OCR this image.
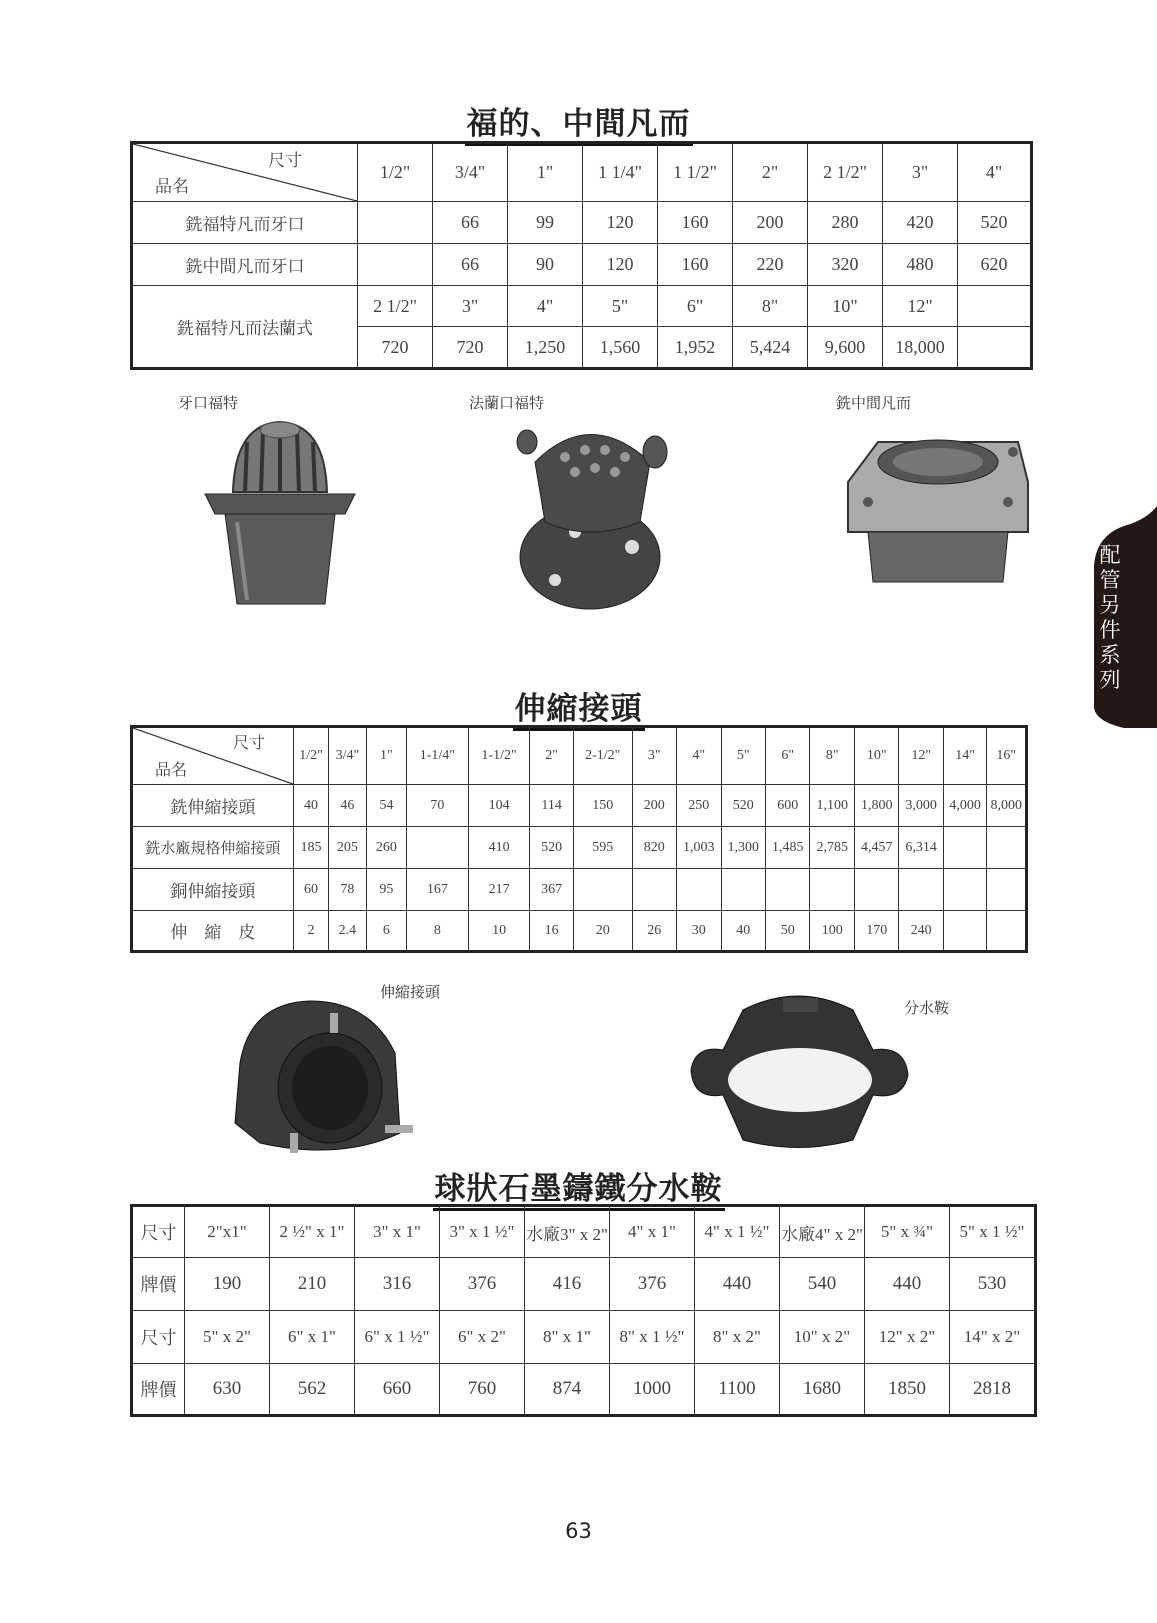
福的、中間凡而
尺寸
品名	1/2"	3/4"	1"	1 1/4"	1 1/2"	2"	2 1/2"	3"	4"
銑福特凡而牙口		66	99	120	160	200	280	420	520
銑中間凡而牙口		66	90	120	160	220	320	480	620
銑福特凡而法蘭式	2 1/2"	3"	4"	5"	6"	8"	10"	12"	
	720	720	1,250	1,560	1,952	5,424	9,600	18,000	
牙口福特	法蘭口福特	銑中間凡而
伸縮接頭
尺寸
品名	1/2"	3/4"	1"	1-1/4"	1-1/2"	2"	2-1/2"	3"	4"	5"	6"	8"	10"	12"	14"	16"
銑伸縮接頭	40	46	54	70	104	114	150	200	250	520	600	1,100	1,800	3,000	4,000	8,000
銑水廠規格伸縮接頭	185	205	260		410	520	595	820	1,003	1,300	1,485	2,785	4,457	6,314		
銅伸縮接頭	60	78	95	167	217	367										
伸　縮　皮	2	2.4	6	8	10	16	20	26	30	40	50	100	170	240		
伸縮接頭
分水鞍
球狀石墨鑄鐵分水鞍
尺寸	2"x1"	2 ½" x 1"	3" x 1"	3" x 1 ½"	水廠3" x 2"	4" x 1"	4" x 1 ½"	水廠4" x 2"	5" x ¾"	5" x 1 ½"
牌價	190	210	316	376	416	376	440	540	440	530
尺寸	5" x 2"	6" x 1"	6" x 1 ½"	6" x 2"	8" x 1"	8" x 1 ½"	8" x 2"	10" x 2"	12" x 2"	14" x 2"
牌價	630	562	660	760	874	1000	1100	1680	1850	2818
配管另件系列
63
